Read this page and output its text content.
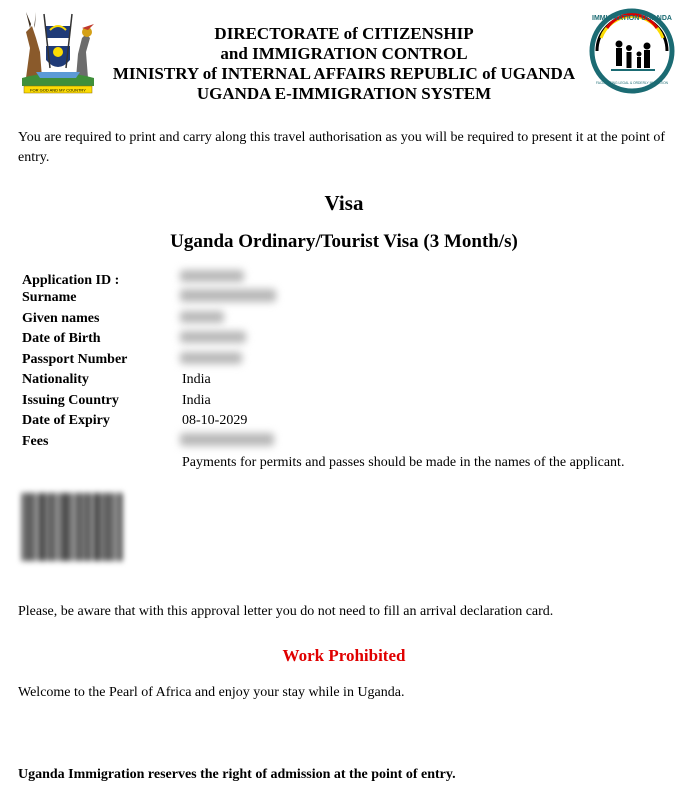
FOR GOD AND MY COUNTRY
DIRECTORATE of CITIZENSHIP
and IMMIGRATION CONTROL
MINISTRY of INTERNAL AFFAIRS REPUBLIC of UGANDA
UGANDA E-IMMIGRATION SYSTEM
IMMIGRATION UGANDA
FACILITATING LEGAL & ORDERLY MIGRATION
You are required to print and carry along this travel authorisation as you will be required to present it at the point of entry.
Visa
Uganda Ordinary/Tourist Visa (3 Month/s)
Application ID :
Surname
Given names
Date of Birth
Passport Number
Nationality	India
Issuing Country	India
Date of Expiry	08-10-2029
Fees
Payments for permits and passes should be made in the names of the applicant.
Please, be aware that with this approval letter you do not need to fill an arrival declaration card.
Work Prohibited
Welcome to the Pearl of Africa and enjoy your stay while in Uganda.
Uganda Immigration reserves the right of admission at the point of entry.
